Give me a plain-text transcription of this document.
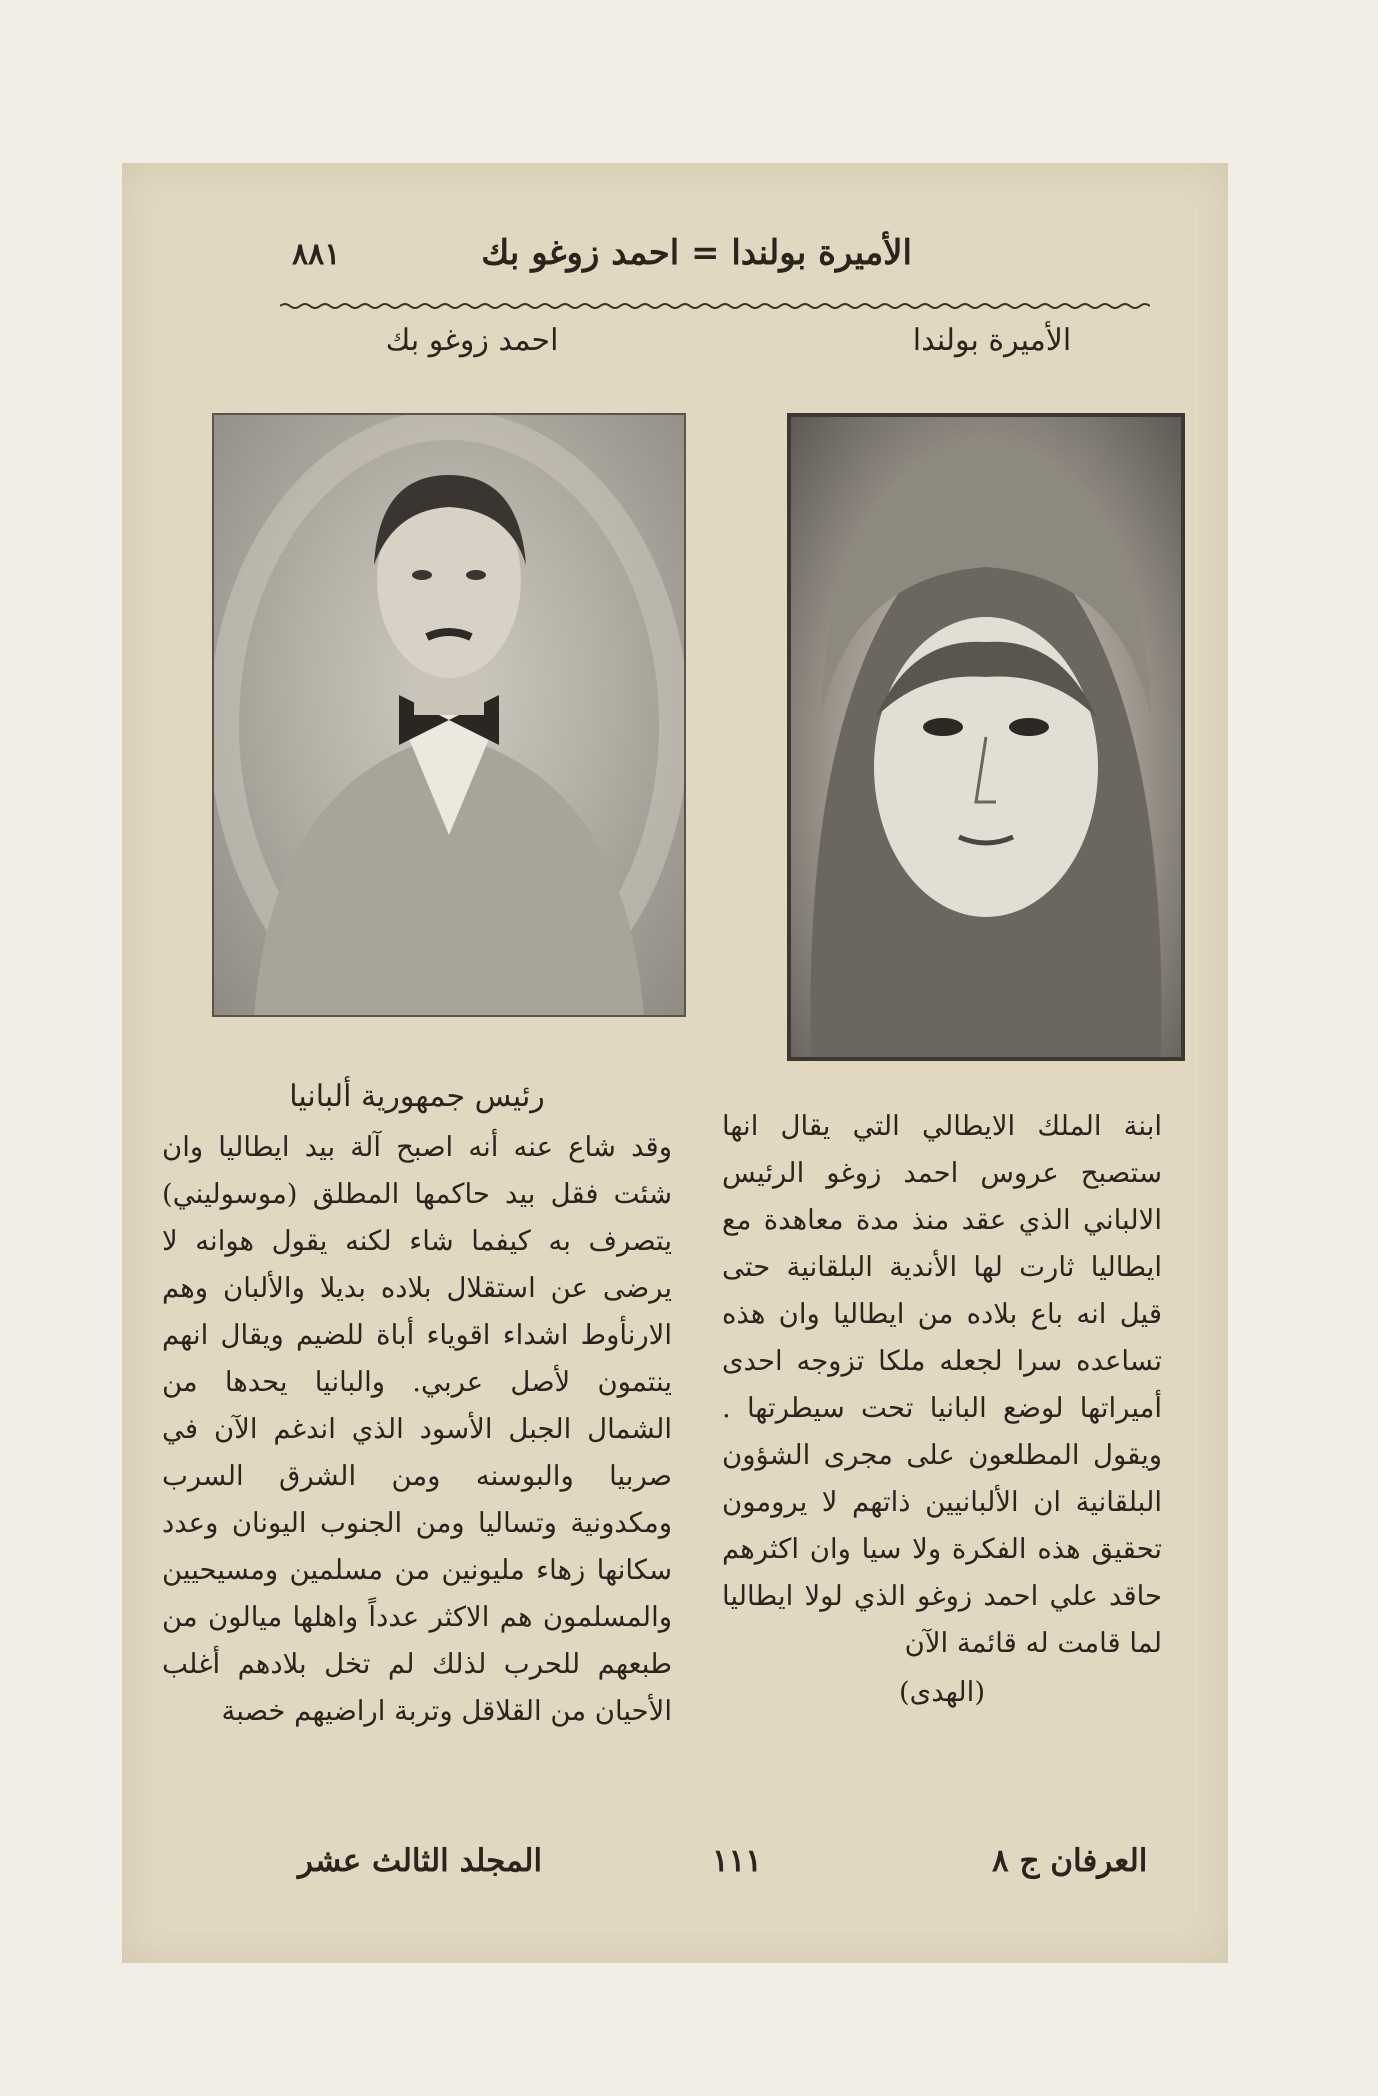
الأميرة بولندا = احمد زوغو بك
٨٨١
احمد زوغو بك	الأميرة بولندا
رئيس جمهورية ألبانيا

وقد شاع عنه أنه اصبح آلة بيد ايطاليا وان شئت فقل بيد حاكمها المطلق (موسوليني) يتصرف به كيفما شاء لكنه يقول هوانه لا يرضى عن استقلال بلاده بديلا والألبان وهم الارنأوط اشداء اقوياء أباة للضيم ويقال انهم ينتمون لأصل عربي. والبانيا يحدها من الشمال الجبل الأسود الذي اندغم الآن في صربيا والبوسنه ومن الشرق السرب ومكدونية وتساليا ومن الجنوب اليونان وعدد سكانها زهاء مليونين من مسلمين ومسيحيين والمسلمون هم الاكثر عدداً واهلها ميالون من طبعهم للحرب لذلك لم تخل بلادهم أغلب الأحيان من القلاقل وتربة اراضيهم خصبة

ابنة الملك الايطالي التي يقال انها ستصبح عروس احمد زوغو الرئيس الالباني الذي عقد منذ مدة معاهدة مع ايطاليا ثارت لها الأندية البلقانية حتى قيل انه باع بلاده من ايطاليا وان هذه تساعده سرا لجعله ملكا تزوجه احدى أميراتها لوضع البانيا تحت سيطرتها . ويقول المطلعون على مجرى الشؤون البلقانية ان الألبانيين ذاتهم لا يرومون تحقيق هذه الفكرة ولا سيا وان اكثرهم حاقد علي احمد زوغو الذي لولا ايطاليا لما قامت له قائمة الآن

(الهدى)
المجلد الثالث عشر	١١١	العرفان ج ٨
